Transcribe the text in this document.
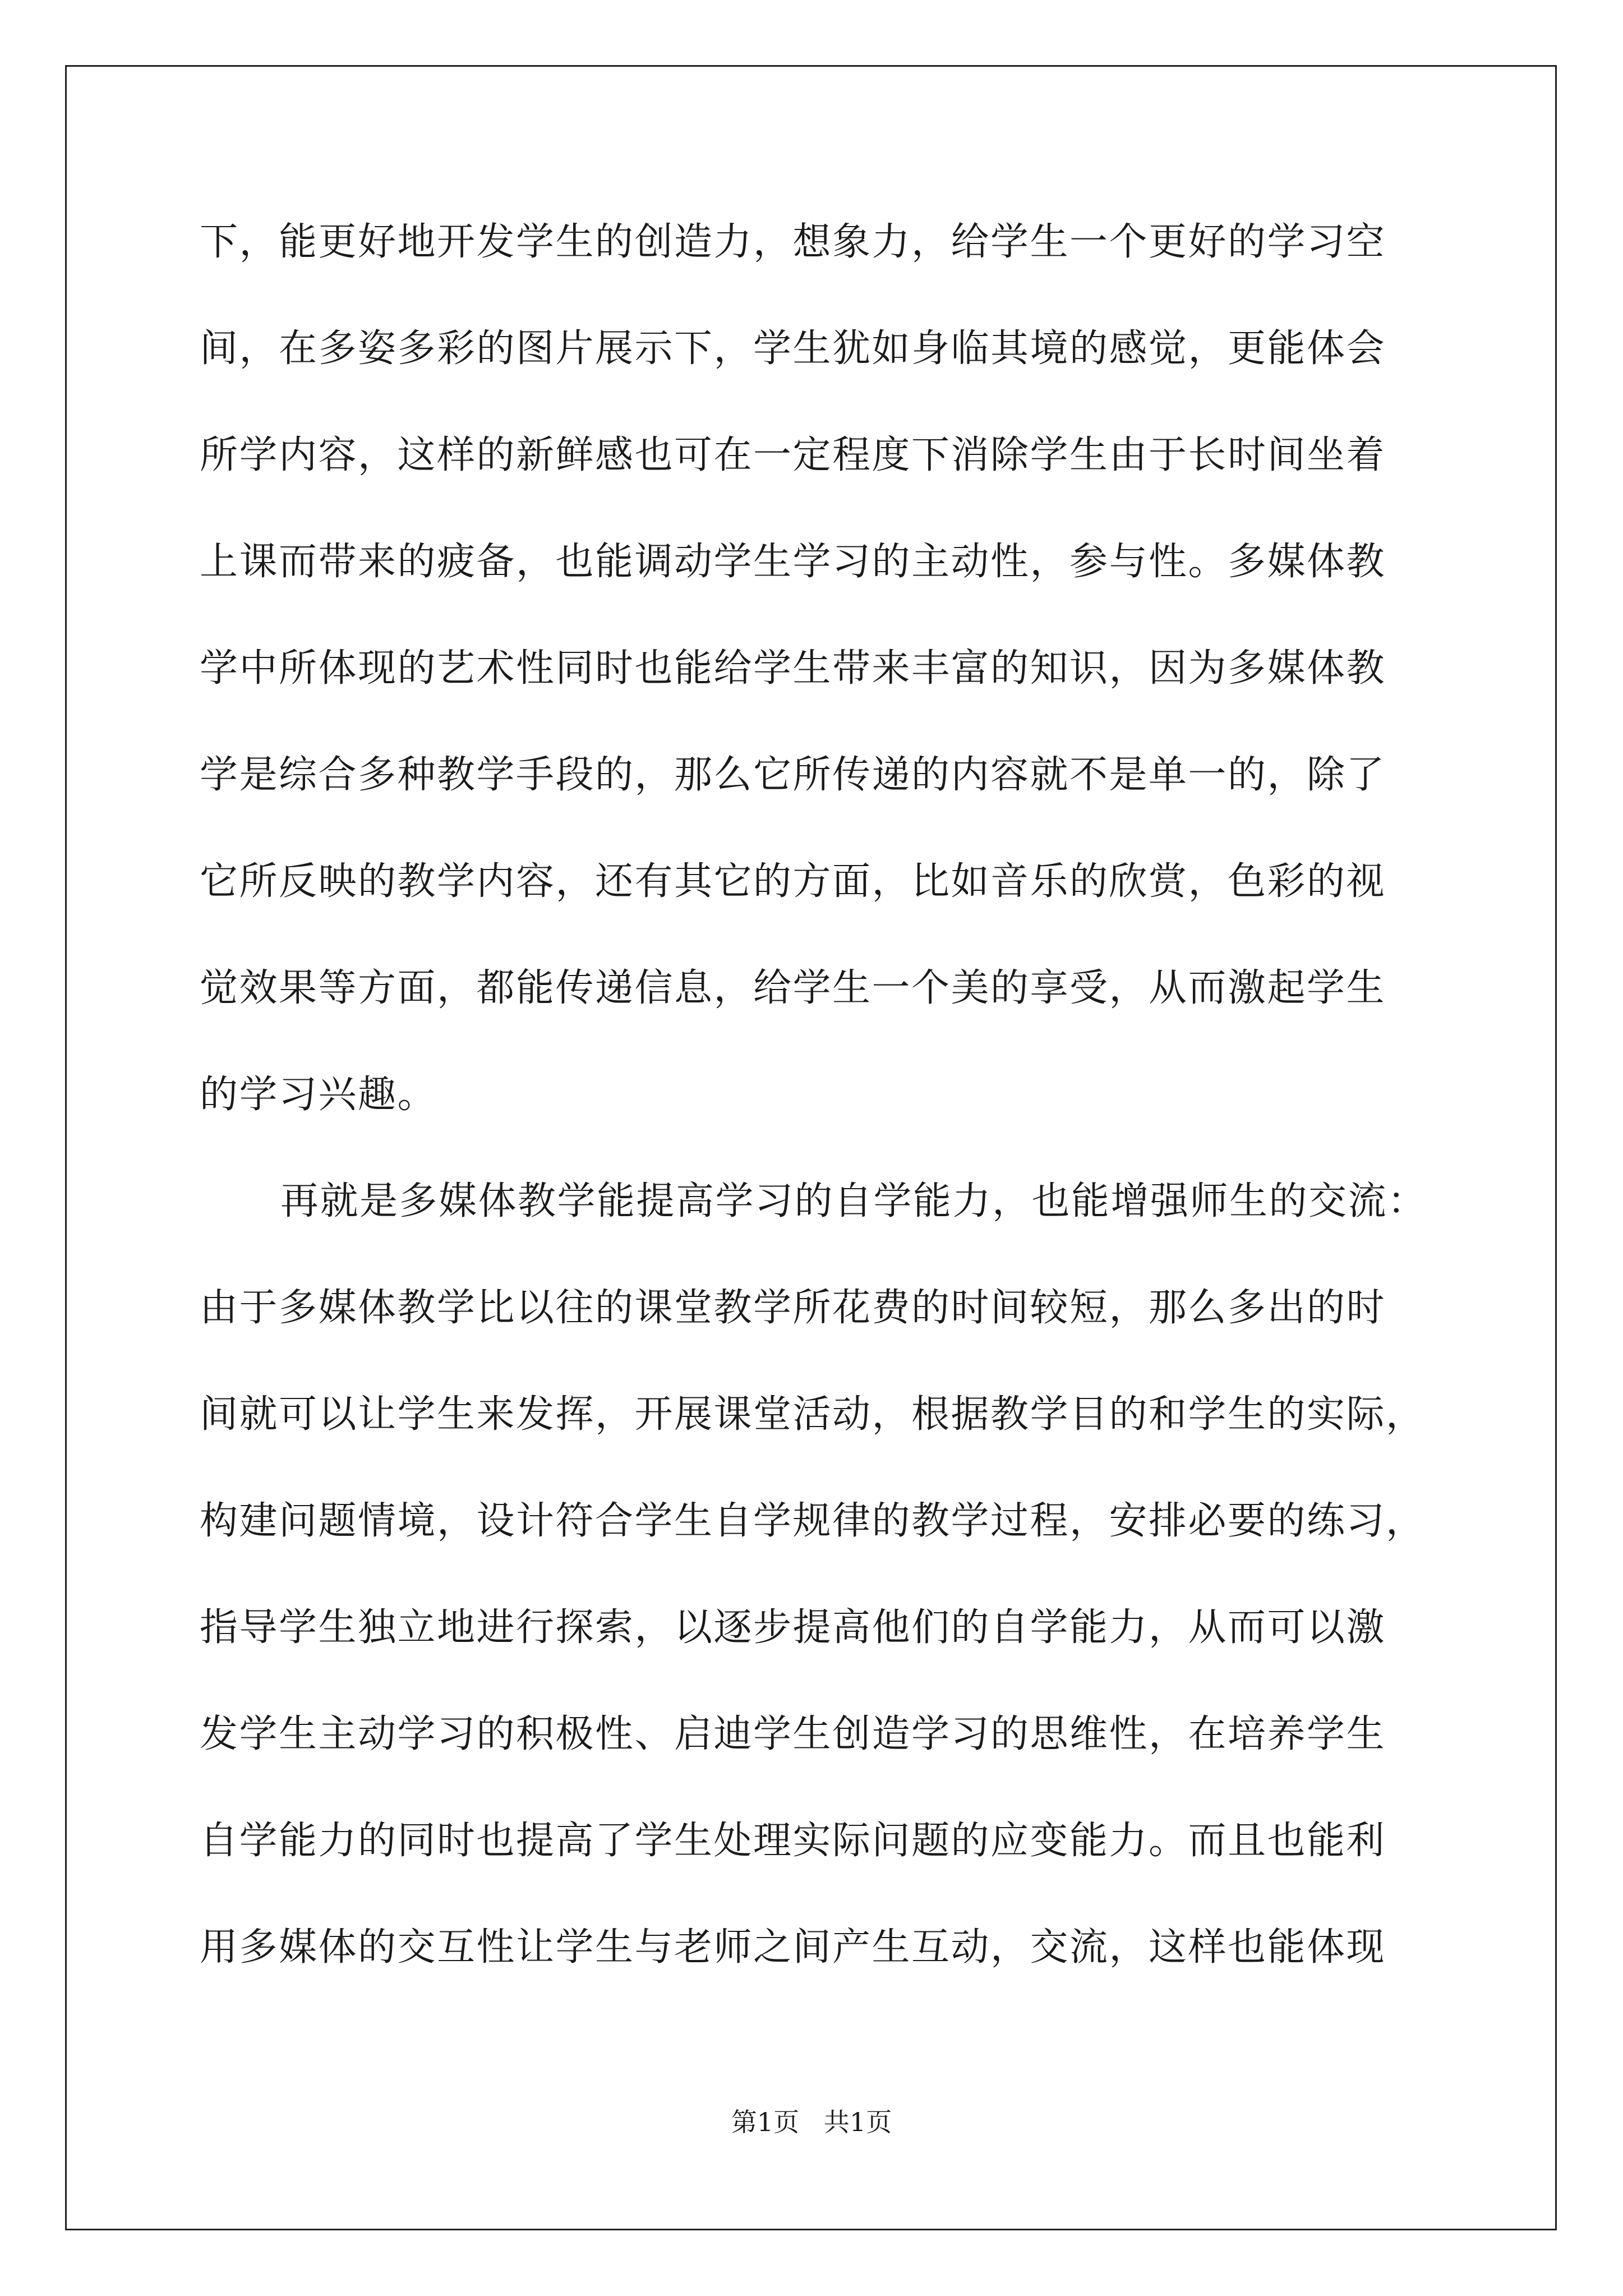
下，能更好地开发学生的创造力，想象力，给学生一个更好的学习空
间，在多姿多彩的图片展示下，学生犹如身临其境的感觉，更能体会
所学内容，这样的新鲜感也可在一定程度下消除学生由于长时间坐着
上课而带来的疲备，也能调动学生学习的主动性，参与性。多媒体教
学中所体现的艺术性同时也能给学生带来丰富的知识，因为多媒体教
学是综合多种教学手段的，那么它所传递的内容就不是单一的，除了
它所反映的教学内容，还有其它的方面，比如音乐的欣赏，色彩的视
觉效果等方面，都能传递信息，给学生一个美的享受，从而激起学生
的学习兴趣。
再就是多媒体教学能提高学习的自学能力，也能增强师生的交流：
由于多媒体教学比以往的课堂教学所花费的时间较短，那么多出的时
间就可以让学生来发挥，开展课堂活动，根据教学目的和学生的实际，
构建问题情境，设计符合学生自学规律的教学过程，安排必要的练习，
指导学生独立地进行探索，以逐步提高他们的自学能力，从而可以激
发学生主动学习的积极性、启迪学生创造学习的思维性，在培养学生
自学能力的同时也提高了学生处理实际问题的应变能力。而且也能利
用多媒体的交互性让学生与老师之间产生互动，交流，这样也能体现
第1页   共1页
